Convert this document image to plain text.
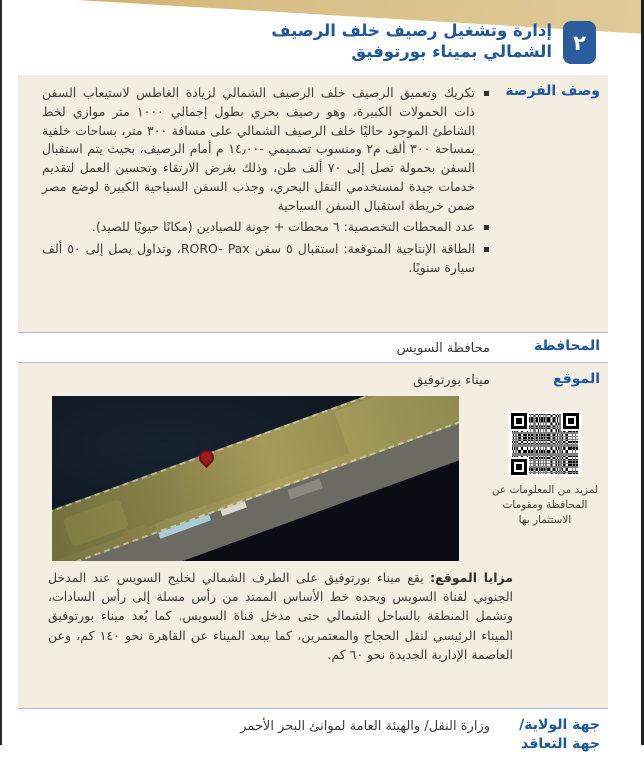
٢
إدارة وتشغيل رصيف خلف الرصيف
الشمالي بميناء بورتوفيق
وصف الفرصة
تكريك وتعميق الرصيف خلف الرصيف الشمالي لزيادة الغاطس لاستيعاب السفن ذات الحمولات الكبيرة، وهو رصيف بحري بطول إجمالي ١٠٠٠ متر موازي لخط الشاطئ الموجود حاليًا خلف الرصيف الشمالي على مسافة ٣٠٠ متر، بساحات خلفية بمساحة ٣٠٠ ألف م٢ ومنسوب تصميمي -١٤٫٠٠ م أمام الرصيف، بحيث يتم استقبال السفن بحمولة تصل إلى ٧٠ ألف طن، وذلك بغرض الارتقاء وتحسين العمل لتقديم خدمات جيدة لمستخدمي النقل البحري، وجذب السفن السياحية الكبيرة لوضع مصر ضمن خريطة استقبال السفن السياحية
عدد المحطات التخصصية: ٦ محطات + جونة للصيادين (مكانًا حيويًا للصيد).
الطاقة الإنتاجية المتوقعة: استقبال ٥ سفن RORO- Pax، وتداول يصل إلى ٥٠ ألف سيارة سنويًا.
المحافظة
محافظة السويس
الموقع
لمزيد من المعلومات عن المحافظة ومقومات الاستثمار بها
ميناء بورتوفيق

مزايا الموقع: يقع ميناء بورتوفيق على الطرف الشمالي لخليج السويس عند المدخل الجنوبي لقناة السويس ويحده خط الأساس الممتد من رأس مسلة إلى رأس السادات، وتشمل المنطقة بالساحل الشمالي حتى مدخل قناة السويس. كما يُعد ميناء بورتوفيق الميناء الرئيسي لنقل الحجاج والمعتمرين، كما يبعد الميناء عن القاهرة نحو ١٤٠ كم، وعن العاصمة الإدارية الجديدة نحو ٦٠ كم.

جهة الولاية/
جهة التعاقد
وزارة النقل/ والهيئة العامة لموانئ البحر الأحمر
